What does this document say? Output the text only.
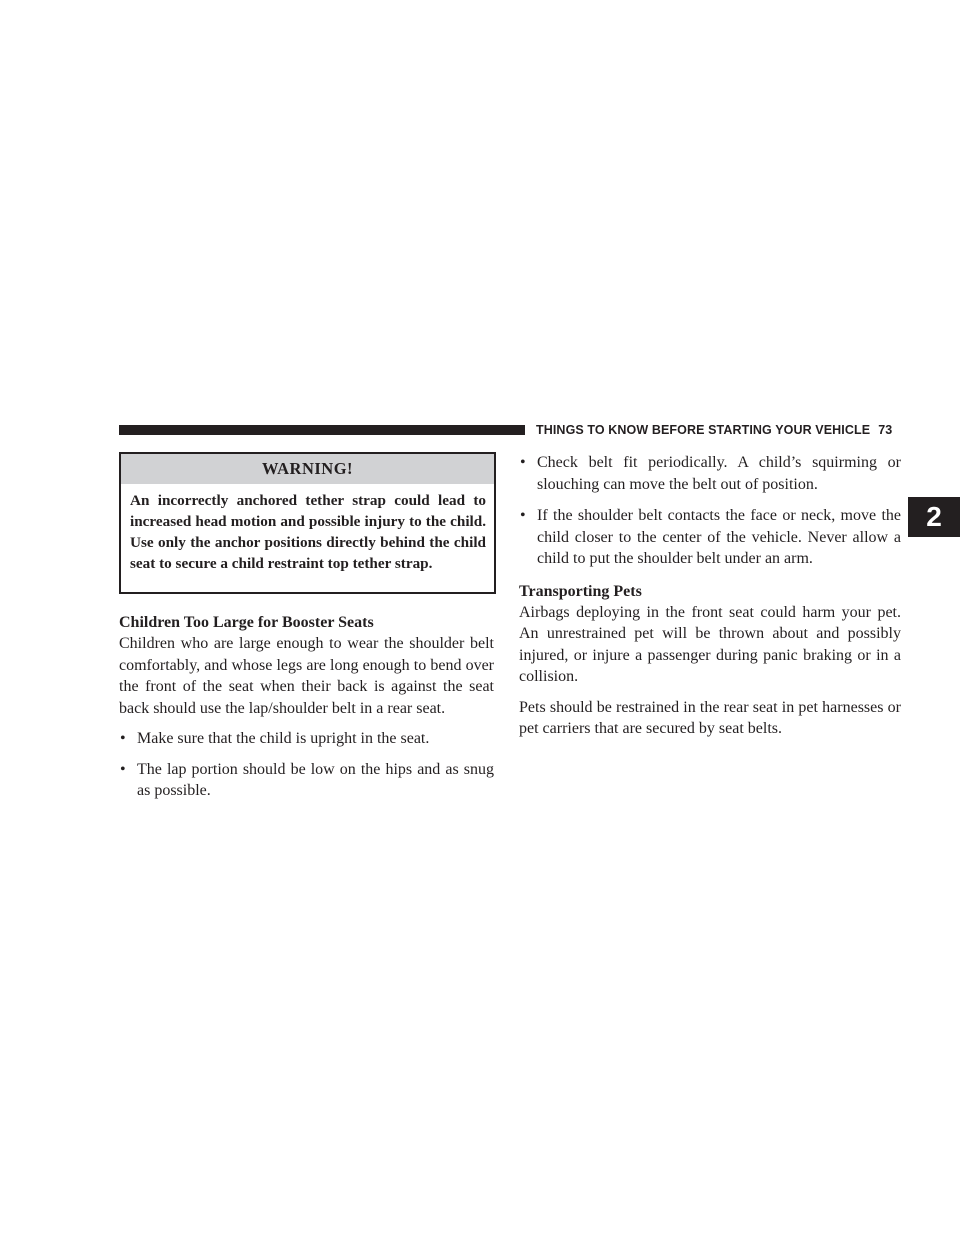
THINGS TO KNOW BEFORE STARTING YOUR VEHICLE 73
2
WARNING!
An incorrectly anchored tether strap could lead to increased head motion and possible injury to the child. Use only the anchor positions directly behind the child seat to secure a child restraint top tether strap.
Children Too Large for Booster Seats

Children who are large enough to wear the shoulder belt comfortably, and whose legs are long enough to bend over the front of the seat when their back is against the seat back should use the lap/shoulder belt in a rear seat.

• Make sure that the child is upright in the seat.
• The lap portion should be low on the hips and as snug as possible.
• Check belt fit periodically. A child’s squirming or slouching can move the belt out of position.
• If the shoulder belt contacts the face or neck, move the child closer to the center of the vehicle. Never allow a child to put the shoulder belt under an arm.
Transporting Pets

Airbags deploying in the front seat could harm your pet. An unrestrained pet will be thrown about and possibly injured, or injure a passenger during panic braking or in a collision.

Pets should be restrained in the rear seat in pet harnesses or pet carriers that are secured by seat belts.
